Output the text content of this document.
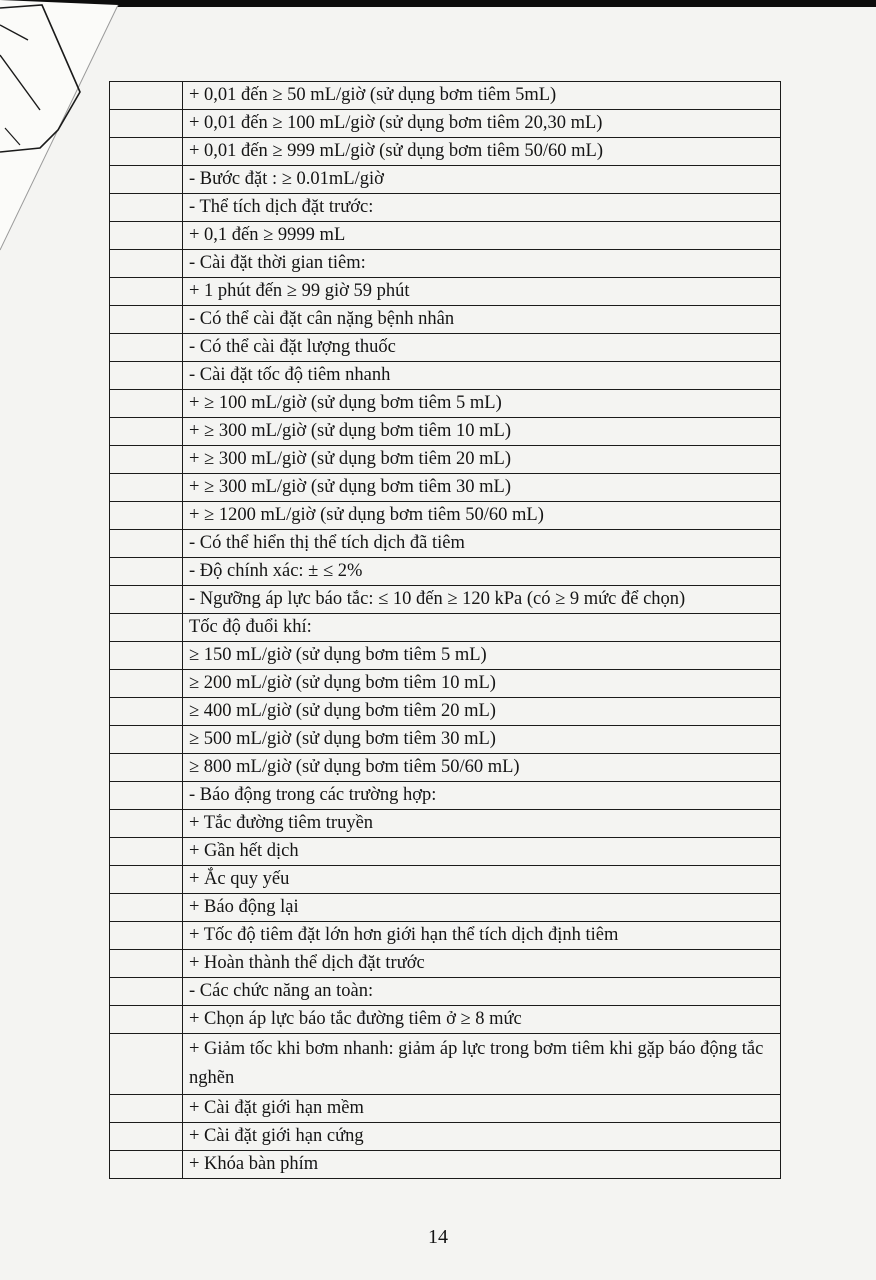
	+ 0,01 đến ≥ 50 mL/giờ (sử dụng bơm tiêm 5mL)
	+ 0,01 đến ≥ 100 mL/giờ (sử dụng bơm tiêm 20,30 mL)
	+ 0,01 đến ≥ 999 mL/giờ (sử dụng bơm tiêm 50/60 mL)
	- Bước đặt : ≥ 0.01mL/giờ
	- Thể tích dịch đặt trước:
	+ 0,1 đến ≥ 9999 mL
	- Cài đặt thời gian tiêm:
	+ 1 phút đến ≥ 99 giờ 59 phút
	- Có thể cài đặt cân nặng bệnh nhân
	- Có thể cài đặt lượng thuốc
	- Cài đặt tốc độ tiêm nhanh
	+ ≥ 100 mL/giờ (sử dụng bơm tiêm 5 mL)
	+ ≥ 300 mL/giờ (sử dụng bơm tiêm 10 mL)
	+ ≥ 300 mL/giờ (sử dụng bơm tiêm 20 mL)
	+ ≥ 300 mL/giờ (sử dụng bơm tiêm 30 mL)
	+ ≥ 1200 mL/giờ (sử dụng bơm tiêm 50/60 mL)
	- Có thể hiển thị thể tích dịch đã tiêm
	- Độ chính xác: ± ≤ 2%
	- Ngưỡng áp lực báo tắc: ≤ 10 đến ≥ 120 kPa (có ≥ 9 mức để chọn)
	Tốc độ đuổi khí:
	≥ 150 mL/giờ (sử dụng bơm tiêm 5 mL)
	≥ 200 mL/giờ (sử dụng bơm tiêm 10 mL)
	≥ 400 mL/giờ (sử dụng bơm tiêm 20 mL)
	≥ 500 mL/giờ (sử dụng bơm tiêm 30 mL)
	≥ 800 mL/giờ (sử dụng bơm tiêm 50/60 mL)
	- Báo động trong các trường hợp:
	+ Tắc đường tiêm truyền
	+ Gần hết dịch
	+ Ắc quy yếu
	+ Báo động lại
	+ Tốc độ tiêm đặt lớn hơn giới hạn thể tích dịch định tiêm
	+ Hoàn thành thể dịch đặt trước
	- Các chức năng an toàn:
	+ Chọn áp lực báo tắc đường tiêm ở ≥ 8 mức
	+ Giảm tốc khi bơm nhanh: giảm áp lực trong bơm tiêm khi gặp báo động tắc nghẽn
	+ Cài đặt giới hạn mềm
	+ Cài đặt giới hạn cứng
	+ Khóa bàn phím
14
